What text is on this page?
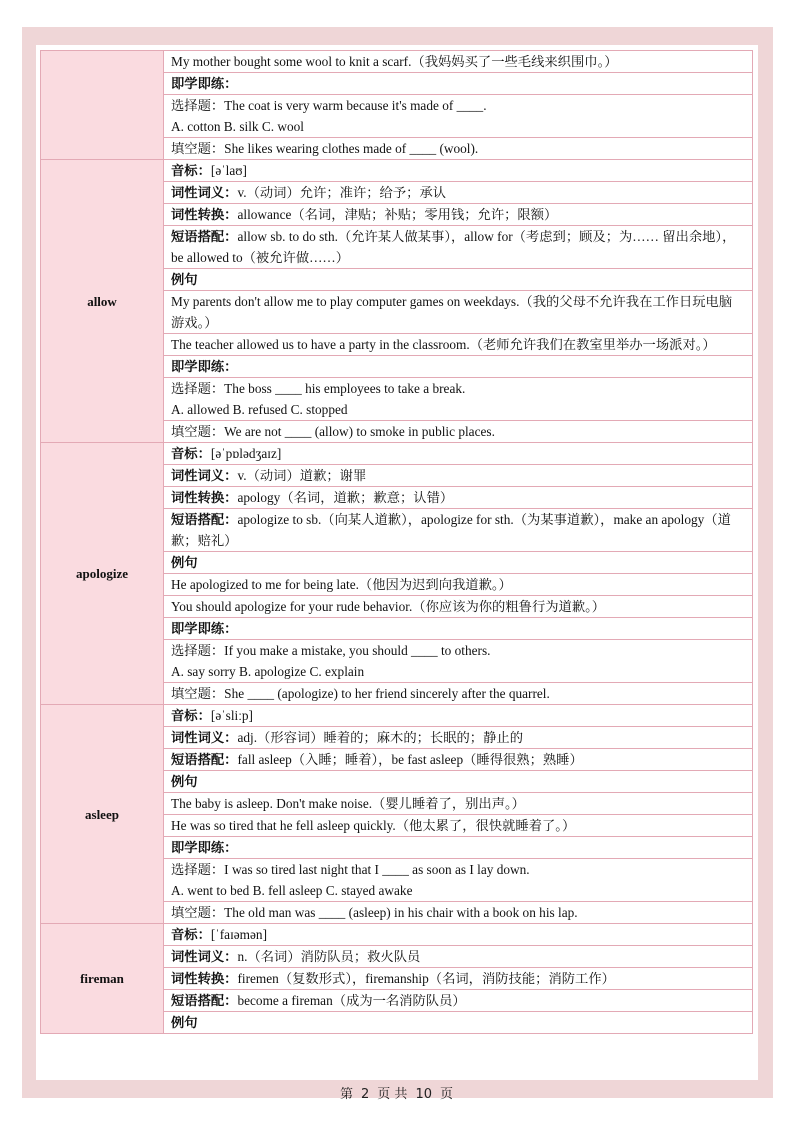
	My mother bought some wool to knit a scarf.（我妈妈买了一些毛线来织围巾。）
	即学即练：

	选择题：The coat is very warm because it's made of ____.
A. cotton B. silk C. wool

	填空题：She likes wearing clothes made of ____ (wool).
allow	音标：[əˈlaʊ]
	词性词义：v.（动词）允许；准许；给予；承认
	词性转换：allowance（名词，津贴；补贴；零用钱；允许；限额）
	短语搭配：allow sb. to do sth.（允许某人做某事），allow for（考虑到；顾及；为…… 留出余地），be allowed to（被允许做……）
	例句
	My parents don't allow me to play computer games on weekdays.（我的父母不允许我在工作日玩电脑游戏。）
	The teacher allowed us to have a party in the classroom.（老师允许我们在教室里举办一场派对。）
	即学即练：

	选择题：The boss ____ his employees to take a break.
A. allowed B. refused C. stopped

	填空题：We are not ____ (allow) to smoke in public places.
apologize	音标：[əˈpɒlədʒaɪz]
	词性词义：v.（动词）道歉；谢罪
	词性转换：apology（名词，道歉；歉意；认错）
	短语搭配：apologize to sb.（向某人道歉），apologize for sth.（为某事道歉），make an apology（道歉；赔礼）
	例句
	He apologized to me for being late.（他因为迟到向我道歉。）
	You should apologize for your rude behavior.（你应该为你的粗鲁行为道歉。）
	即学即练：

	选择题：If you make a mistake, you should ____ to others.
A. say sorry B. apologize C. explain

	填空题：She ____ (apologize) to her friend sincerely after the quarrel.
asleep	音标：[əˈsliːp]
	词性词义：adj.（形容词）睡着的；麻木的；长眠的；静止的
	短语搭配：fall asleep（入睡；睡着），be fast asleep（睡得很熟；熟睡）
	例句
	The baby is asleep. Don't make noise.（婴儿睡着了，别出声。）
	He was so tired that he fell asleep quickly.（他太累了，很快就睡着了。）
	即学即练：

	选择题：I was so tired last night that I ____ as soon as I lay down.
A. went to bed B. fell asleep C. stayed awake

	填空题：The old man was ____ (asleep) in his chair with a book on his lap.
fireman	音标：[ˈfaɪəmən]
	词性词义：n.（名词）消防队员；救火队员
	词性转换：firemen（复数形式），firemanship（名词，消防技能；消防工作）
	短语搭配：become a fireman（成为一名消防队员）
	例句
第 2 页 共 10 页
